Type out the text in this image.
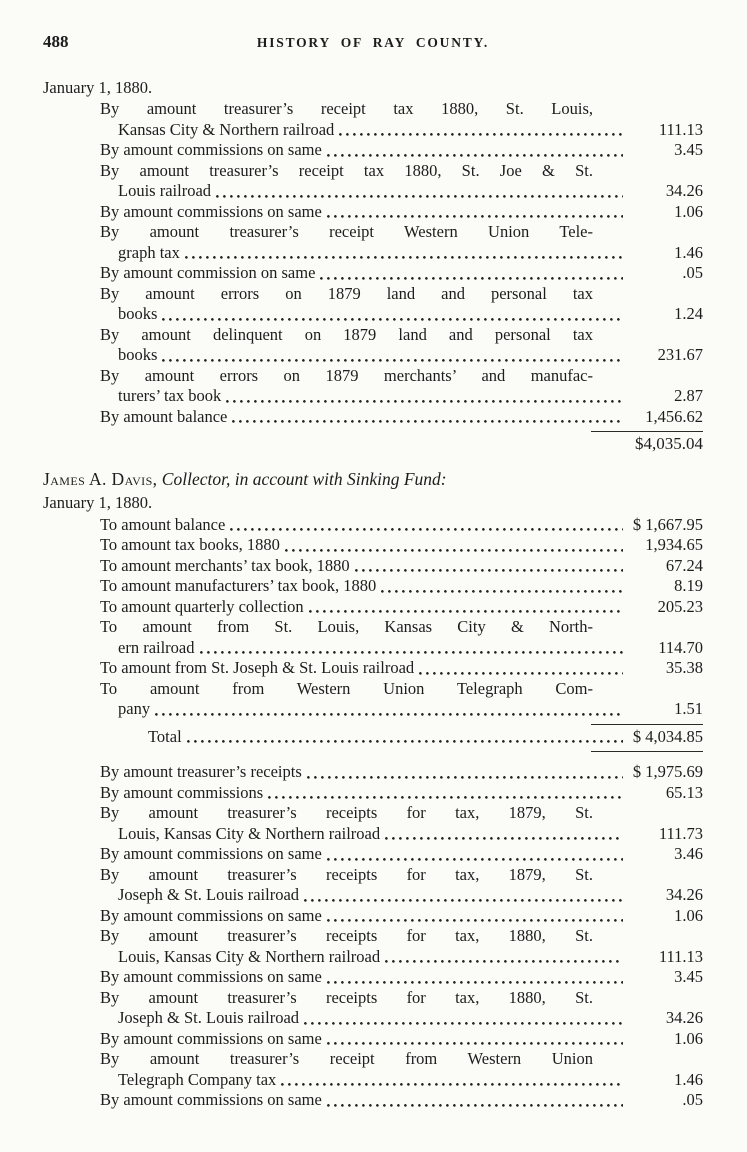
488	HISTORY OF RAY COUNTY.
January 1, 1880.
By amount treasurer’s receipt tax 1880, St. Louis,
Kansas City & Northern railroad	111.13
By amount commissions on same	3.45
By amount treasurer’s receipt tax 1880, St. Joe & St.
Louis railroad	34.26
By amount commissions on same	1.06
By amount treasurer’s receipt Western Union Tele-
graph tax	1.46
By amount commission on same	.05
By amount errors on 1879 land and personal tax
books	1.24
By amount delinquent on 1879 land and personal tax
books	231.67
By amount errors on 1879 merchants’ and manufac-
turers’ tax book	2.87
By amount balance	1,456.62
$4,035.04
James A. Davis, Collector, in account with Sinking Fund:
January 1, 1880.
To amount balance	$ 1,667.95
To amount tax books, 1880	1,934.65
To amount merchants’ tax book, 1880	67.24
To amount manufacturers’ tax book, 1880	8.19
To amount quarterly collection	205.23
To amount from St. Louis, Kansas City & North-
ern railroad	114.70
To amount from St. Joseph & St. Louis railroad	35.38
To amount from Western Union Telegraph Com-
pany	1.51
Total	$ 4,034.85
By amount treasurer’s receipts	$ 1,975.69
By amount commissions	65.13
By amount treasurer’s receipts for tax, 1879, St.
Louis, Kansas City & Northern railroad	111.73
By amount commissions on same	3.46
By amount treasurer’s receipts for tax, 1879, St.
Joseph & St. Louis railroad	34.26
By amount commissions on same	1.06
By amount treasurer’s receipts for tax, 1880, St.
Louis, Kansas City & Northern railroad	111.13
By amount commissions on same	3.45
By amount treasurer’s receipts for tax, 1880, St.
Joseph & St. Louis railroad	34.26
By amount commissions on same	1.06
By amount treasurer’s receipt from Western Union
Telegraph Company tax	1.46
By amount commissions on same	.05
